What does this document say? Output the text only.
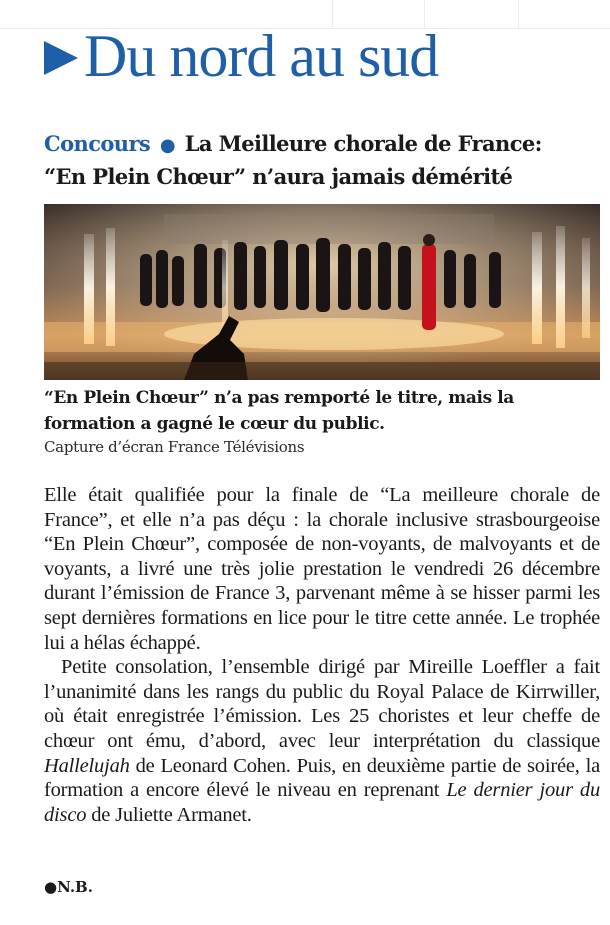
Du nord au sud
Concours ● La Meilleure chorale de France:
“En Plein Chœur” n’aura jamais démérité
“En Plein Chœur” n’a pas remporté le titre, mais la formation a gagné le cœur du public.
Capture d’écran France Télévisions

Elle était qualifiée pour la finale de “La meilleure chorale de France”, et elle n’a pas déçu : la chorale inclusive strasbourgeoise “En Plein Chœur”, composée de non-voyants, de malvoyants et de voyants, a livré une très jolie prestation le vendredi 26 décembre durant l’émission de France 3, parvenant même à se hisser parmi les sept dernières formations en lice pour le titre cette année. Le trophée lui a hélas échappé.

Petite consolation, l’ensemble dirigé par Mireille Loeffler a fait l’unanimité dans les rangs du public du Royal Palace de Kirrwiller, où était enregistrée l’émission. Les 25 choristes et leur cheffe de chœur ont ému, d’abord, avec leur interprétation du classique Hallelujah de Leonard Cohen. Puis, en deuxième partie de soirée, la formation a encore élevé le niveau en reprenant Le dernier jour du disco de Juliette Armanet.

●N.B.
